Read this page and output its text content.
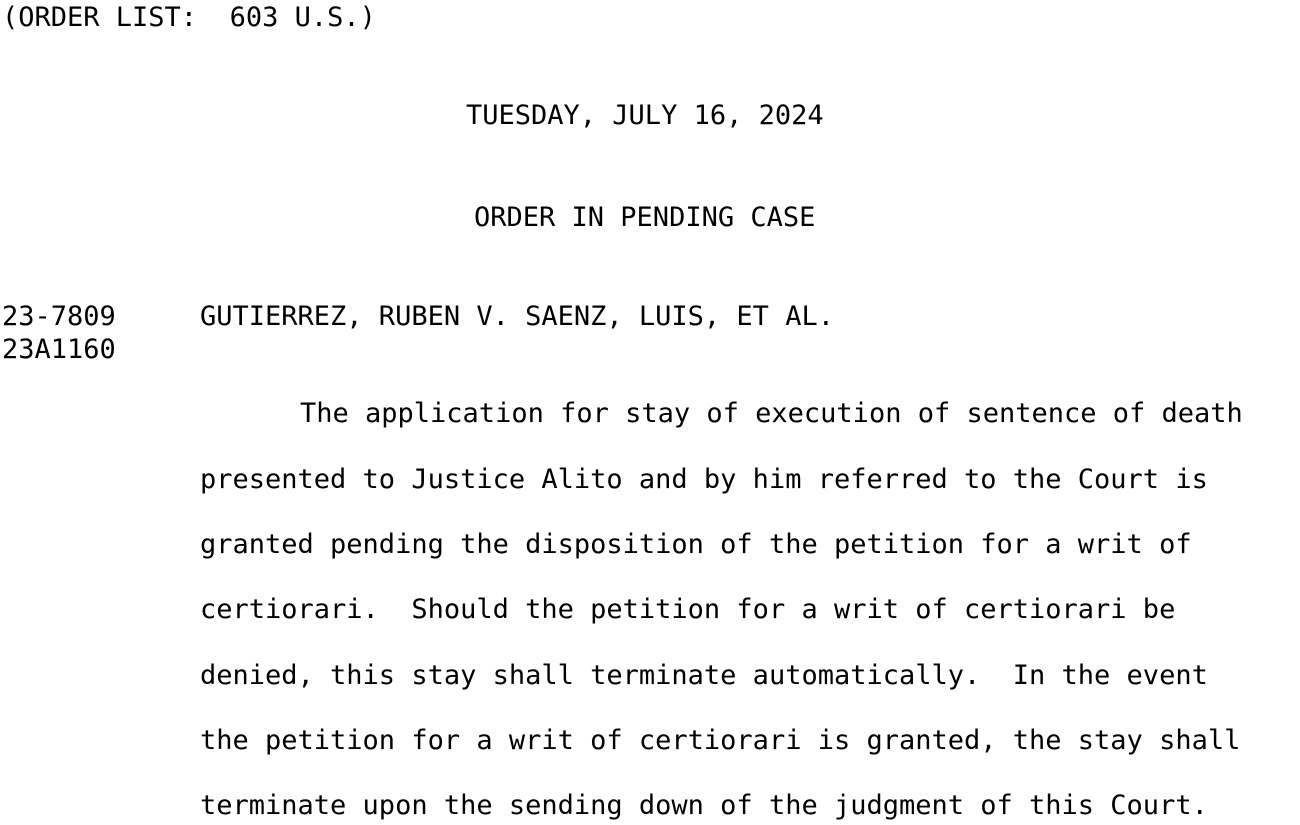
(ORDER LIST:  603 U.S.)
TUESDAY, JULY 16, 2024
ORDER IN PENDING CASE
23-7809
23A1160
GUTIERREZ, RUBEN V. SAENZ, LUIS, ET AL.
The application for stay of execution of sentence of death
presented to Justice Alito and by him referred to the Court is
granted pending the disposition of the petition for a writ of
certiorari.  Should the petition for a writ of certiorari be
denied, this stay shall terminate automatically.  In the event
the petition for a writ of certiorari is granted, the stay shall
terminate upon the sending down of the judgment of this Court.
